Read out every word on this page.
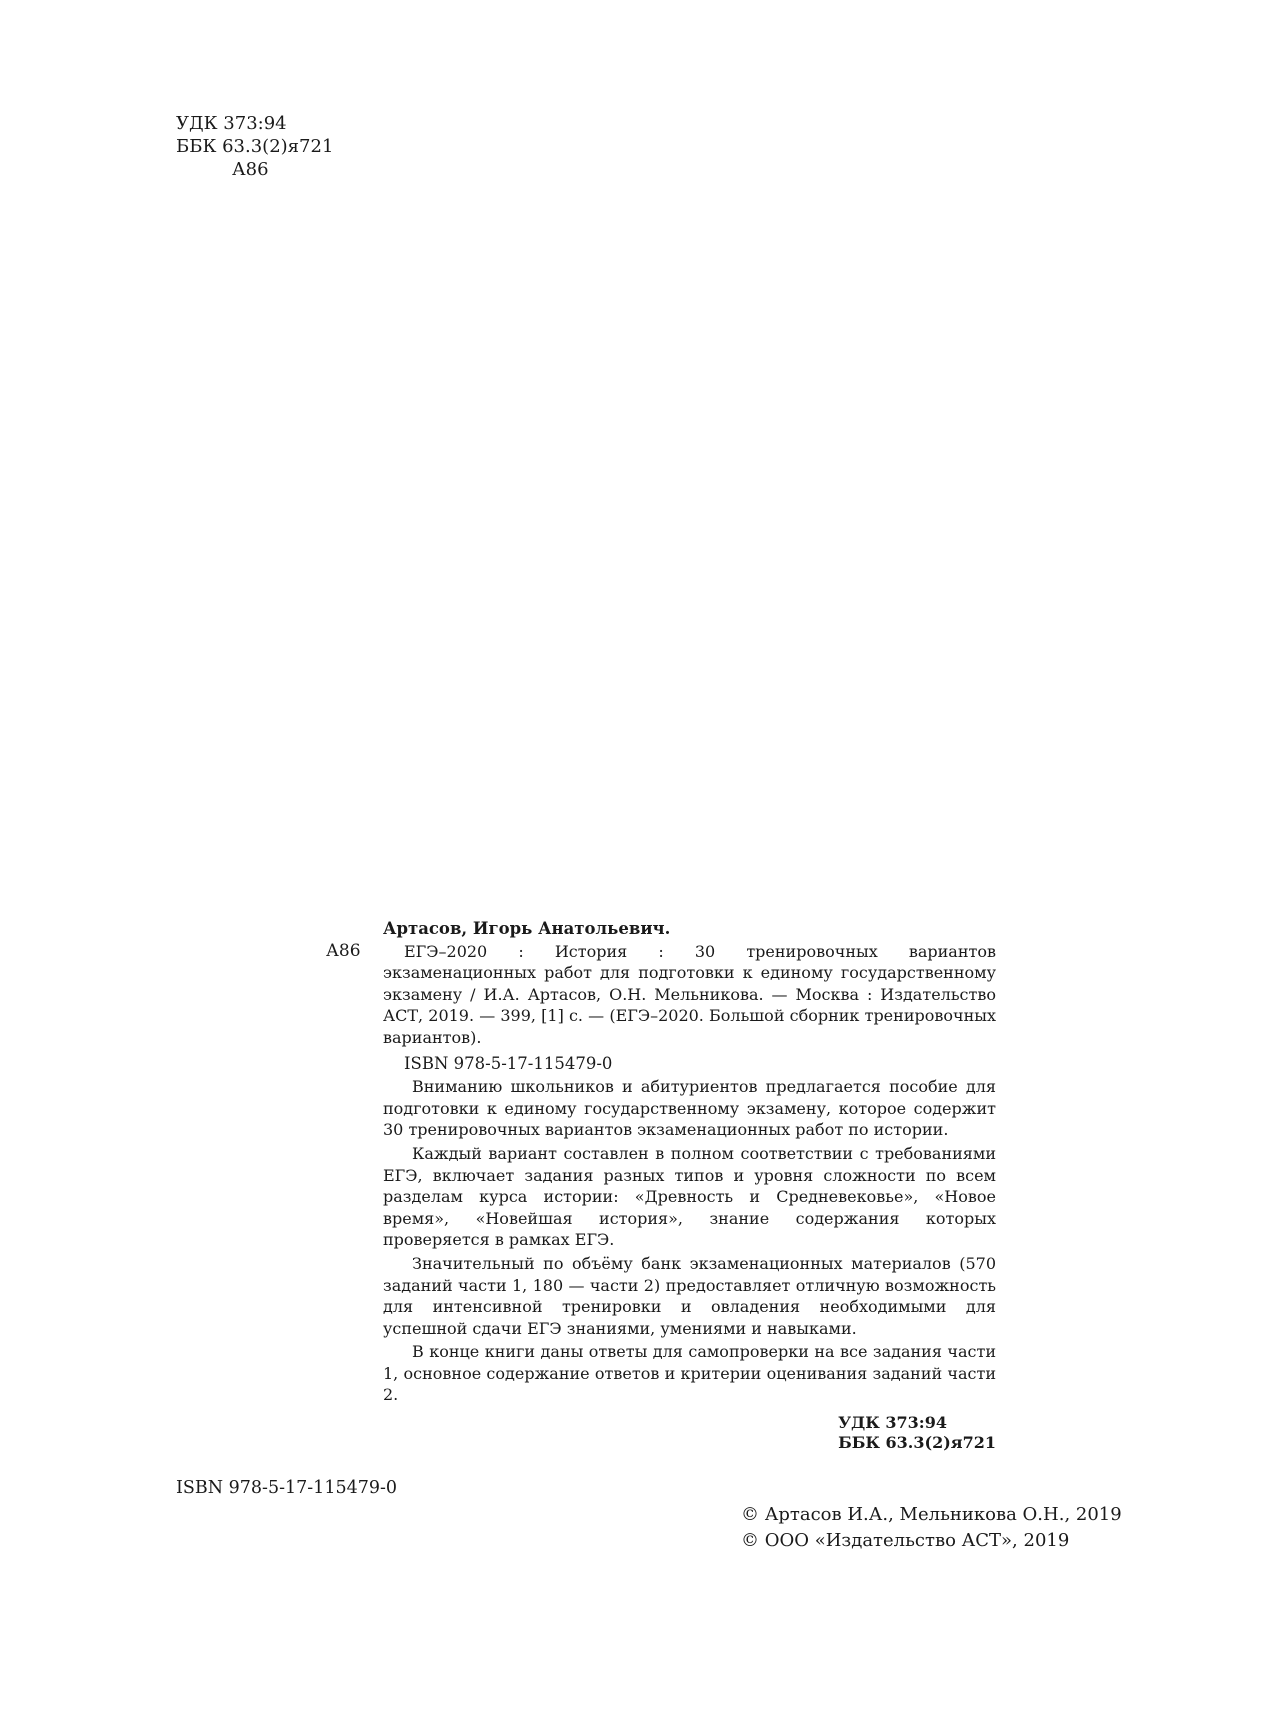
УДК 373:94
ББК 63.3(2)я721
А86
А86
Артасов, Игорь Анатольевич.

ЕГЭ–2020 : История : 30 тренировочных вариантов экзаменационных работ для подготовки к единому государственному экзамену / И.А. Артасов, О.Н. Мельникова. — Москва : Издательство АСТ, 2019. — 399, [1] с. — (ЕГЭ–2020. Большой сборник тренировочных вариантов).

ISBN 978-5-17-115479-0

Вниманию школьников и абитуриентов предлагается пособие для подготовки к единому государственному экзамену, которое содержит 30 тренировочных вариантов экзаменационных работ по истории.

Каждый вариант составлен в полном соответствии с требованиями ЕГЭ, включает задания разных типов и уровня сложности по всем разделам курса истории: «Древность и Средневековье», «Новое время», «Новейшая история», знание содержания которых проверяется в рамках ЕГЭ.

Значительный по объёму банк экзаменационных материалов (570 заданий части 1, 180 — части 2) предоставляет отличную возможность для интенсивной тренировки и овладения необходимыми для успешной сдачи ЕГЭ знаниями, умениями и навыками.

В конце книги даны ответы для самопроверки на все задания части 1, основное содержание ответов и критерии оценивания заданий части 2.

УДК 373:94
ББК 63.3(2)я721
ISBN 978-5-17-115479-0
© Артасов И.А., Мельникова О.Н., 2019
© ООО «Издательство АСТ», 2019
